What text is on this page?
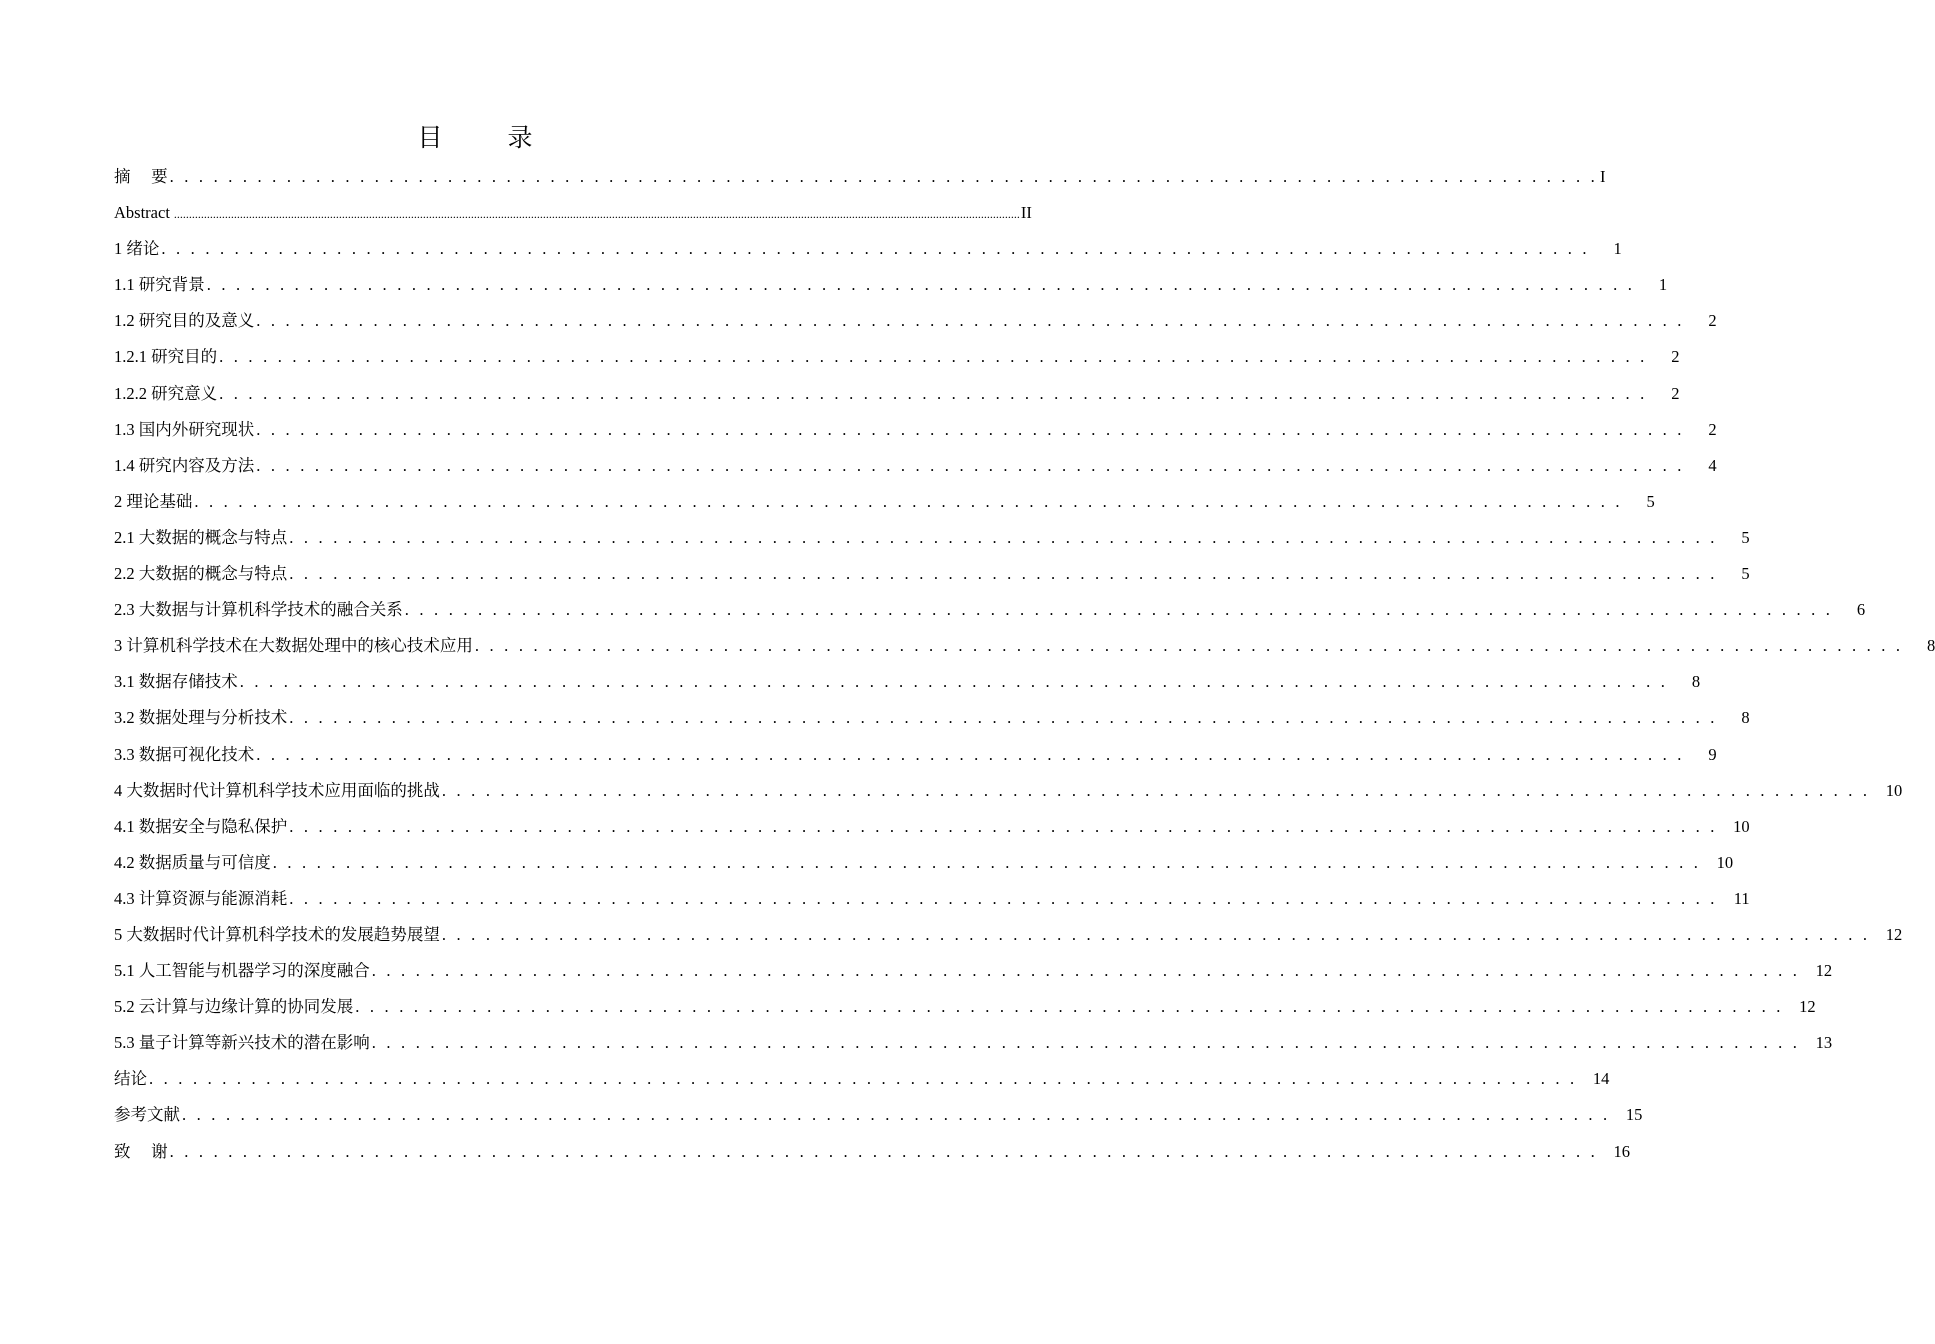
目　录
摘　 要 . . . . . . . . . . . . . . . . . . . . . . . . . . . . . . . . . . . . . . . . . . . . . . . . . . . . . . . . . . . . . . . . . . . . . . . . . . . . . . . . . . . . . . . . . . . . . . . . . . I
Abstract .......................................................................................................................................................................................................................................................................................... II
1 绪论 . . . . . . . . . . . . . . . . . . . . . . . . . . . . . . . . . . . . . . . . . . . . . . . . . . . . . . . . . . . . . . . . . . . . . . . . . . . . . . . . . . . . . . . . . . . . . . . . . .	1
1.1 研究背景 . . . . . . . . . . . . . . . . . . . . . . . . . . . . . . . . . . . . . . . . . . . . . . . . . . . . . . . . . . . . . . . . . . . . . . . . . . . . . . . . . . . . . . . . . . . . . . . . . .	1
1.2 研究目的及意义 . . . . . . . . . . . . . . . . . . . . . . . . . . . . . . . . . . . . . . . . . . . . . . . . . . . . . . . . . . . . . . . . . . . . . . . . . . . . . . . . . . . . . . . . . . . . . . . . . .	2
1.2.1 研究目的 . . . . . . . . . . . . . . . . . . . . . . . . . . . . . . . . . . . . . . . . . . . . . . . . . . . . . . . . . . . . . . . . . . . . . . . . . . . . . . . . . . . . . . . . . . . . . . . . . .	2
1.2.2 研究意义 . . . . . . . . . . . . . . . . . . . . . . . . . . . . . . . . . . . . . . . . . . . . . . . . . . . . . . . . . . . . . . . . . . . . . . . . . . . . . . . . . . . . . . . . . . . . . . . . . .	2
1.3 国内外研究现状 . . . . . . . . . . . . . . . . . . . . . . . . . . . . . . . . . . . . . . . . . . . . . . . . . . . . . . . . . . . . . . . . . . . . . . . . . . . . . . . . . . . . . . . . . . . . . . . . . .	2
1.4 研究内容及方法 . . . . . . . . . . . . . . . . . . . . . . . . . . . . . . . . . . . . . . . . . . . . . . . . . . . . . . . . . . . . . . . . . . . . . . . . . . . . . . . . . . . . . . . . . . . . . . . . . .	4
2 理论基础 . . . . . . . . . . . . . . . . . . . . . . . . . . . . . . . . . . . . . . . . . . . . . . . . . . . . . . . . . . . . . . . . . . . . . . . . . . . . . . . . . . . . . . . . . . . . . . . . . .	5
2.1 大数据的概念与特点 . . . . . . . . . . . . . . . . . . . . . . . . . . . . . . . . . . . . . . . . . . . . . . . . . . . . . . . . . . . . . . . . . . . . . . . . . . . . . . . . . . . . . . . . . . . . . . . . . .	5
2.2 大数据的概念与特点 . . . . . . . . . . . . . . . . . . . . . . . . . . . . . . . . . . . . . . . . . . . . . . . . . . . . . . . . . . . . . . . . . . . . . . . . . . . . . . . . . . . . . . . . . . . . . . . . . .	5
2.3 大数据与计算机科学技术的融合关系 . . . . . . . . . . . . . . . . . . . . . . . . . . . . . . . . . . . . . . . . . . . . . . . . . . . . . . . . . . . . . . . . . . . . . . . . . . . . . . . . . . . . . . . . . . . . . . . . . .	6
3 计算机科学技术在大数据处理中的核心技术应用 . . . . . . . . . . . . . . . . . . . . . . . . . . . . . . . . . . . . . . . . . . . . . . . . . . . . . . . . . . . . . . . . . . . . . . . . . . . . . . . . . . . . . . . . . . . . . . . . . .	8
3.1 数据存储技术 . . . . . . . . . . . . . . . . . . . . . . . . . . . . . . . . . . . . . . . . . . . . . . . . . . . . . . . . . . . . . . . . . . . . . . . . . . . . . . . . . . . . . . . . . . . . . . . . . .	8
3.2 数据处理与分析技术 . . . . . . . . . . . . . . . . . . . . . . . . . . . . . . . . . . . . . . . . . . . . . . . . . . . . . . . . . . . . . . . . . . . . . . . . . . . . . . . . . . . . . . . . . . . . . . . . . .	8
3.3 数据可视化技术 . . . . . . . . . . . . . . . . . . . . . . . . . . . . . . . . . . . . . . . . . . . . . . . . . . . . . . . . . . . . . . . . . . . . . . . . . . . . . . . . . . . . . . . . . . . . . . . . . .	9
4 大数据时代计算机科学技术应用面临的挑战 . . . . . . . . . . . . . . . . . . . . . . . . . . . . . . . . . . . . . . . . . . . . . . . . . . . . . . . . . . . . . . . . . . . . . . . . . . . . . . . . . . . . . . . . . . . . . . . . . . 10
4.1 数据安全与隐私保护 . . . . . . . . . . . . . . . . . . . . . . . . . . . . . . . . . . . . . . . . . . . . . . . . . . . . . . . . . . . . . . . . . . . . . . . . . . . . . . . . . . . . . . . . . . . . . . . . . . 10
4.2 数据质量与可信度 . . . . . . . . . . . . . . . . . . . . . . . . . . . . . . . . . . . . . . . . . . . . . . . . . . . . . . . . . . . . . . . . . . . . . . . . . . . . . . . . . . . . . . . . . . . . . . . . . . 10
4.3 计算资源与能源消耗 . . . . . . . . . . . . . . . . . . . . . . . . . . . . . . . . . . . . . . . . . . . . . . . . . . . . . . . . . . . . . . . . . . . . . . . . . . . . . . . . . . . . . . . . . . . . . . . . . . 11
5 大数据时代计算机科学技术的发展趋势展望 . . . . . . . . . . . . . . . . . . . . . . . . . . . . . . . . . . . . . . . . . . . . . . . . . . . . . . . . . . . . . . . . . . . . . . . . . . . . . . . . . . . . . . . . . . . . . . . . . . 12
5.1 人工智能与机器学习的深度融合 . . . . . . . . . . . . . . . . . . . . . . . . . . . . . . . . . . . . . . . . . . . . . . . . . . . . . . . . . . . . . . . . . . . . . . . . . . . . . . . . . . . . . . . . . . . . . . . . . . 12
5.2 云计算与边缘计算的协同发展 . . . . . . . . . . . . . . . . . . . . . . . . . . . . . . . . . . . . . . . . . . . . . . . . . . . . . . . . . . . . . . . . . . . . . . . . . . . . . . . . . . . . . . . . . . . . . . . . . . 12
5.3 量子计算等新兴技术的潜在影响 . . . . . . . . . . . . . . . . . . . . . . . . . . . . . . . . . . . . . . . . . . . . . . . . . . . . . . . . . . . . . . . . . . . . . . . . . . . . . . . . . . . . . . . . . . . . . . . . . . 13
结论 . . . . . . . . . . . . . . . . . . . . . . . . . . . . . . . . . . . . . . . . . . . . . . . . . . . . . . . . . . . . . . . . . . . . . . . . . . . . . . . . . . . . . . . . . . . . . . . . . . 14
参考文献 . . . . . . . . . . . . . . . . . . . . . . . . . . . . . . . . . . . . . . . . . . . . . . . . . . . . . . . . . . . . . . . . . . . . . . . . . . . . . . . . . . . . . . . . . . . . . . . . . . 15
致　 谢 . . . . . . . . . . . . . . . . . . . . . . . . . . . . . . . . . . . . . . . . . . . . . . . . . . . . . . . . . . . . . . . . . . . . . . . . . . . . . . . . . . . . . . . . . . . . . . . . . . 16
